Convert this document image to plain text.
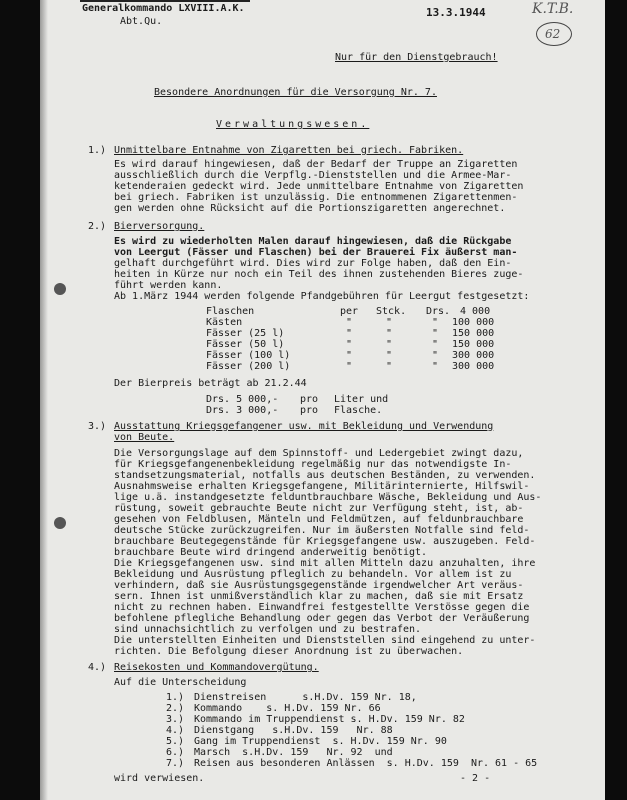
Generalkommando LXVIII.A.K.
Abt.Qu.
13.3.1944	K.T.B.
62
Nur für den Dienstgebrauch!
Besondere Anordnungen für die Versorgung Nr. 7.
Verwaltungswesen.
1.) Unmittelbare Entnahme von Zigaretten bei griech. Fabriken.
Es wird darauf hingewiesen, daß der Bedarf der Truppe an Zigaretten
ausschließlich durch die Verpflg.-Dienststellen und die Armee-Mar-
ketenderaien gedeckt wird. Jede unmittelbare Entnahme von Zigaretten
bei griech. Fabriken ist unzulässig. Die entnommenen Zigarettenmen-
gen werden ohne Rücksicht auf die Portionszigaretten angerechnet.
2.) Bierversorgung.
Es wird zu wiederholten Malen darauf hingewiesen, daß die Rückgabe
von Leergut (Fässer und Flaschen) bei der Brauerei Fix äußerst man-
gelhaft durchgeführt wird. Dies wird zur Folge haben, daß den Ein-
heiten in Kürze nur noch ein Teil des ihnen zustehenden Bieres zuge-
führt werden kann.
Ab 1.März 1944 werden folgende Pfandgebühren für Leergut festgesetzt:
Flaschen	per Stck. Drs. 4 000
Kästen	"	"	" 100 000
Fässer (25 l)	"	"	" 150 000
Fässer (50 l)	"	"	" 150 000
Fässer (100 l)	"	"	" 300 000
Fässer (200 l)	"	"	" 300 000
Der Bierpreis beträgt ab 21.2.44
Drs. 5 000,- pro Liter und
Drs. 3 000,- pro Flasche.
3.) Ausstattung Kriegsgefangener usw. mit Bekleidung und Verwendung
von Beute.
Die Versorgungslage auf dem Spinnstoff- und Ledergebiet zwingt dazu,
für Kriegsgefangenenbekleidung regelmäßig nur das notwendigste In-
standsetzungsmaterial, notfalls aus deutschen Beständen, zu verwenden.
Ausnahmsweise erhalten Kriegsgefangene, Militärinternierte, Hilfswil-
lige u.ä. instandgesetzte felduntbrauchbare Wäsche, Bekleidung und Aus-
rüstung, soweit gebrauchte Beute nicht zur Verfügung steht, ist, ab-
gesehen von Feldblusen, Mänteln und Feldmützen, auf feldunbrauchbare
deutsche Stücke zurückzugreifen. Nur im äußersten Notfalle sind feld-
brauchbare Beutegegenstände für Kriegsgefangene usw. auszugeben. Feld-
brauchbare Beute wird dringend anderweitig benötigt.
Die Kriegsgefangenen usw. sind mit allen Mitteln dazu anzuhalten, ihre
Bekleidung und Ausrüstung pfleglich zu behandeln. Vor allem ist zu
verhindern, daß sie Ausrüstungsgegenstände irgendwelcher Art veräus-
sern. Ihnen ist unmißverständlich klar zu machen, daß sie mit Ersatz
nicht zu rechnen haben. Einwandfrei festgestellte Verstösse gegen die
befohlene pflegliche Behandlung oder gegen das Verbot der Veräußerung
sind unnachsichtlich zu verfolgen und zu bestrafen.
Die unterstellten Einheiten und Dienststellen sind eingehend zu unter-
richten. Die Befolgung dieser Anordnung ist zu überwachen.
4.) Reisekosten und Kommandovergütung.
Auf die Unterscheidung
1.) Dienstreisen      s.H.Dv. 159 Nr. 18,
2.) Kommando    s. H.Dv. 159 Nr. 66
3.) Kommando im Truppendienst s. H.Dv. 159 Nr. 82
4.) Dienstgang   s.H.Dv. 159   Nr. 88
5.) Gang im Truppendienst  s. H.Dv. 159 Nr. 90
6.) Marsch  s.H.Dv. 159   Nr. 92  und
7.) Reisen aus besonderen Anlässen  s. H.Dv. 159  Nr. 61 - 65
wird verwiesen.	- 2 -
